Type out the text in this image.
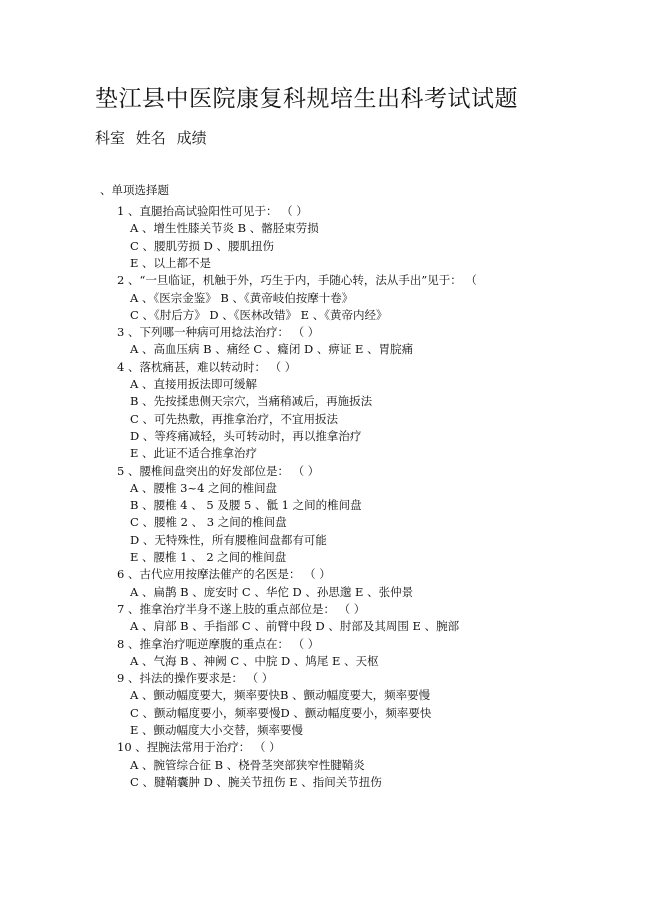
垫江县中医院康复科规培生出科考试试题
科室 姓名 成绩
、单项选择题
1 、直腿抬高试验阳性可见于： （ ）
A 、增生性膝关节炎 B 、髂胫束劳损
C 、腰肌劳损 D 、腰肌扭伤
E 、以上都不是
2 、“一旦临证，机触于外，巧生于内，手随心转，法从手出”见于： （
A 、《医宗金鉴》 B 、《黄帝岐伯按摩十卷》
C 、《肘后方》 D 、《医林改错》 E 、《黄帝内经》
3 、下列哪一种病可用捻法治疗： （ ）
A 、高血压病 B 、痛经 C 、癃闭 D 、痹证 E 、胃脘痛
4 、落枕痛甚，难以转动时： （ ）
A 、直接用扳法即可缓解
B 、先按揉患侧天宗穴，当痛稍减后，再施扳法
C 、可先热敷，再推拿治疗，不宜用扳法
D 、等疼痛减轻，头可转动时，再以推拿治疗
E 、此证不适合推拿治疗
5 、腰椎间盘突出的好发部位是： （ ）
A 、腰椎 3~4 之间的椎间盘
B 、腰椎 4 、 5 及腰 5 、骶 1 之间的椎间盘
C 、腰椎 2 、 3 之间的椎间盘
D 、无特殊性，所有腰椎间盘都有可能
E 、腰椎 1 、 2 之间的椎间盘
6 、古代应用按摩法催产的名医是： （ ）
A 、扁鹊 B 、庞安时 C 、华佗 D 、孙思邈 E 、张仲景
7 、推拿治疗半身不遂上肢的重点部位是： （ ）
A 、肩部 B 、手指部 C 、前臂中段 D 、肘部及其周围 E 、腕部
8 、推拿治疗呃逆摩腹的重点在： （ ）
A 、气海 B 、神阙 C 、中脘 D 、鸠尾 E 、天枢
9 、抖法的操作要求是： （ ）
A 、颤动幅度要大，频率要快B 、颤动幅度要大，频率要慢
C 、颤动幅度要小，频率要慢D 、颤动幅度要小，频率要快
E 、颤动幅度大小交替，频率要慢
10 、捏腕法常用于治疗： （ ）
A 、腕管综合征 B 、桡骨茎突部狭窄性腱鞘炎
C 、腱鞘囊肿 D 、腕关节扭伤 E 、指间关节扭伤
